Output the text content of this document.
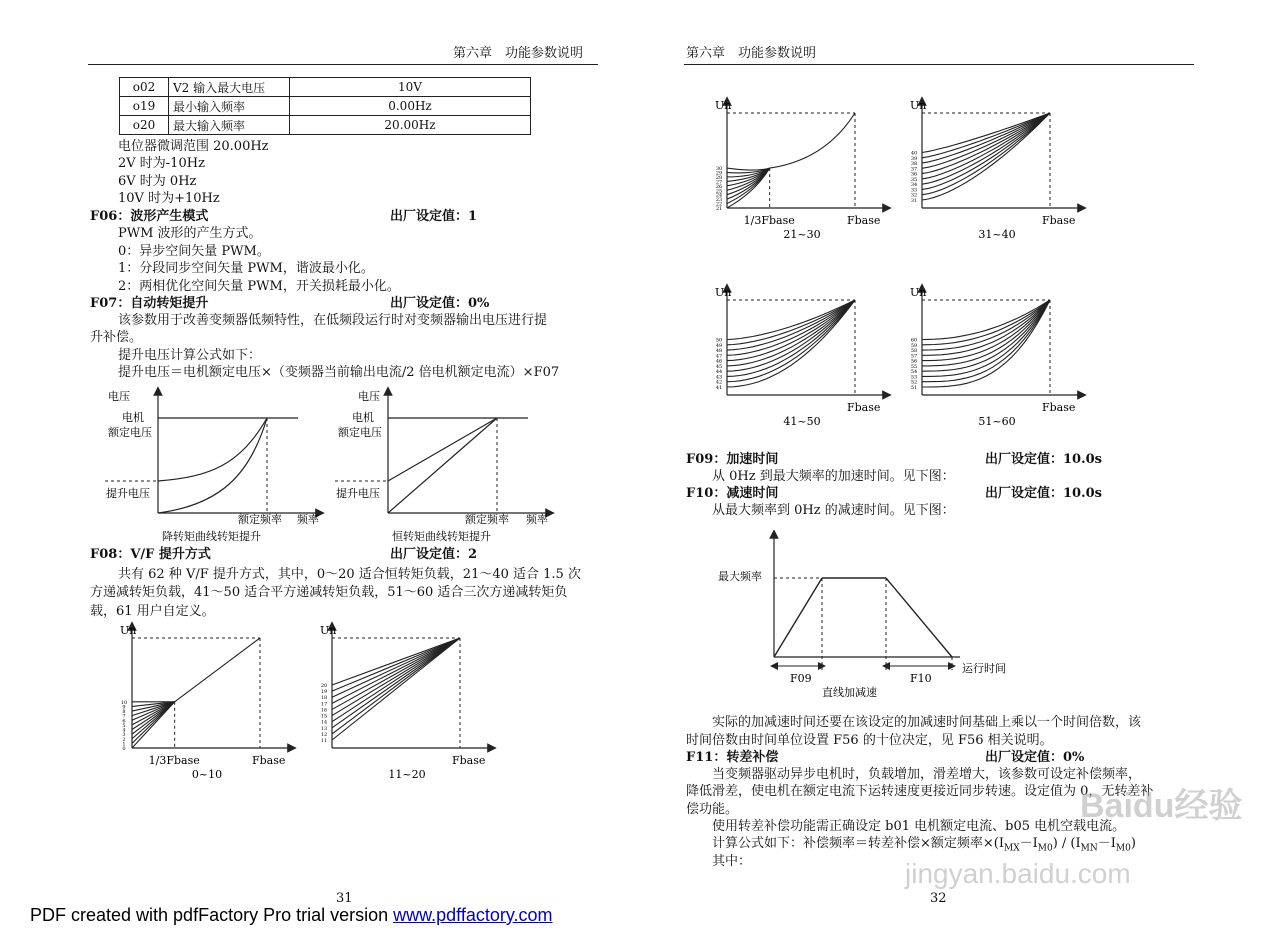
第六章　功能参数说明
o02	V2 输入最大电压	10V
o19	最小输入频率	0.00Hz
o20	最大输入频率	20.00Hz
电位器微调范围 20.00Hz
2V 时为-10Hz
6V 时为 0Hz
10V 时为+10Hz
F06：波形产生模式	出厂设定值：1
PWM 波形的产生方式。
0：异步空间矢量 PWM。
1：分段同步空间矢量 PWM，谐波最小化。
2：两相优化空间矢量 PWM，开关损耗最小化。
F07：自动转矩提升	出厂设定值：0%
该参数用于改善变频器低频特性，在低频段运行时对变频器输出电压进行提
升补偿。
提升电压计算公式如下：
提升电压＝电机额定电压×（变频器当前输出电流/2 倍电机额定电流）×F07
电压
电机
额定电压
提升电压
额定频率 频率
降转矩曲线转矩提升
电压
电机
额定电压
提升电压
额定频率 频率
恒转矩曲线转矩提升
F08：V/F 提升方式	出厂设定值：2
共有 62 种 V/F 提升方式，其中，0～20 适合恒转矩负载，21～40 适合 1.5 次
方递减转矩负载，41～50 适合平方递减转矩负载，51～60 适合三次方递减转矩负
载，61 用户自定义。
10
9
8
7
6
5
4
3
2
1
0
Un
1/3Fbase	Fbase
0~10
20
19
18
17
16
15
14
13
12
11
Un
Fbase
11~20
31
第六章　功能参数说明
30
29
28
27
26
25
24
23
22
21
Un
1/3Fbase	Fbase
21~30
40
39
38
37
36
35
34
33
32
31
Un
Fbase
31~40
50
49
48
47
46
45
44
43
42
41
Un
Fbase
41~50
60
59
58
57
56
55
54
53
52
51
Un
Fbase
51~60
F09：加速时间	出厂设定值：10.0s
从 0Hz 到最大频率的加速时间。见下图：
F10：减速时间	出厂设定值：10.0s
从最大频率到 0Hz 的减速时间。见下图：
最大频率
运行时间
F09	F10
直线加减速
实际的加减速时间还要在该设定的加减速时间基础上乘以一个时间倍数，该
时间倍数由时间单位设置 F56 的十位决定，见 F56 相关说明。
F11：转差补偿	出厂设定值：0%
当变频器驱动异步电机时，负载增加，滑差增大，该参数可设定补偿频率，
降低滑差，使电机在额定电流下运转速度更接近同步转速。设定值为 0，无转差补
偿功能。
使用转差补偿功能需正确设定 b01 电机额定电流、b05 电机空载电流。
计算公式如下：补偿频率＝转差补偿×额定频率$\times(I_{MX}-I_{M0}) / (I_{MN}-I_{M0})$
其中：
32
Baidu经验
jingyan.baidu.com
PDF created with pdfFactory Pro trial version www.pdffactory.com
